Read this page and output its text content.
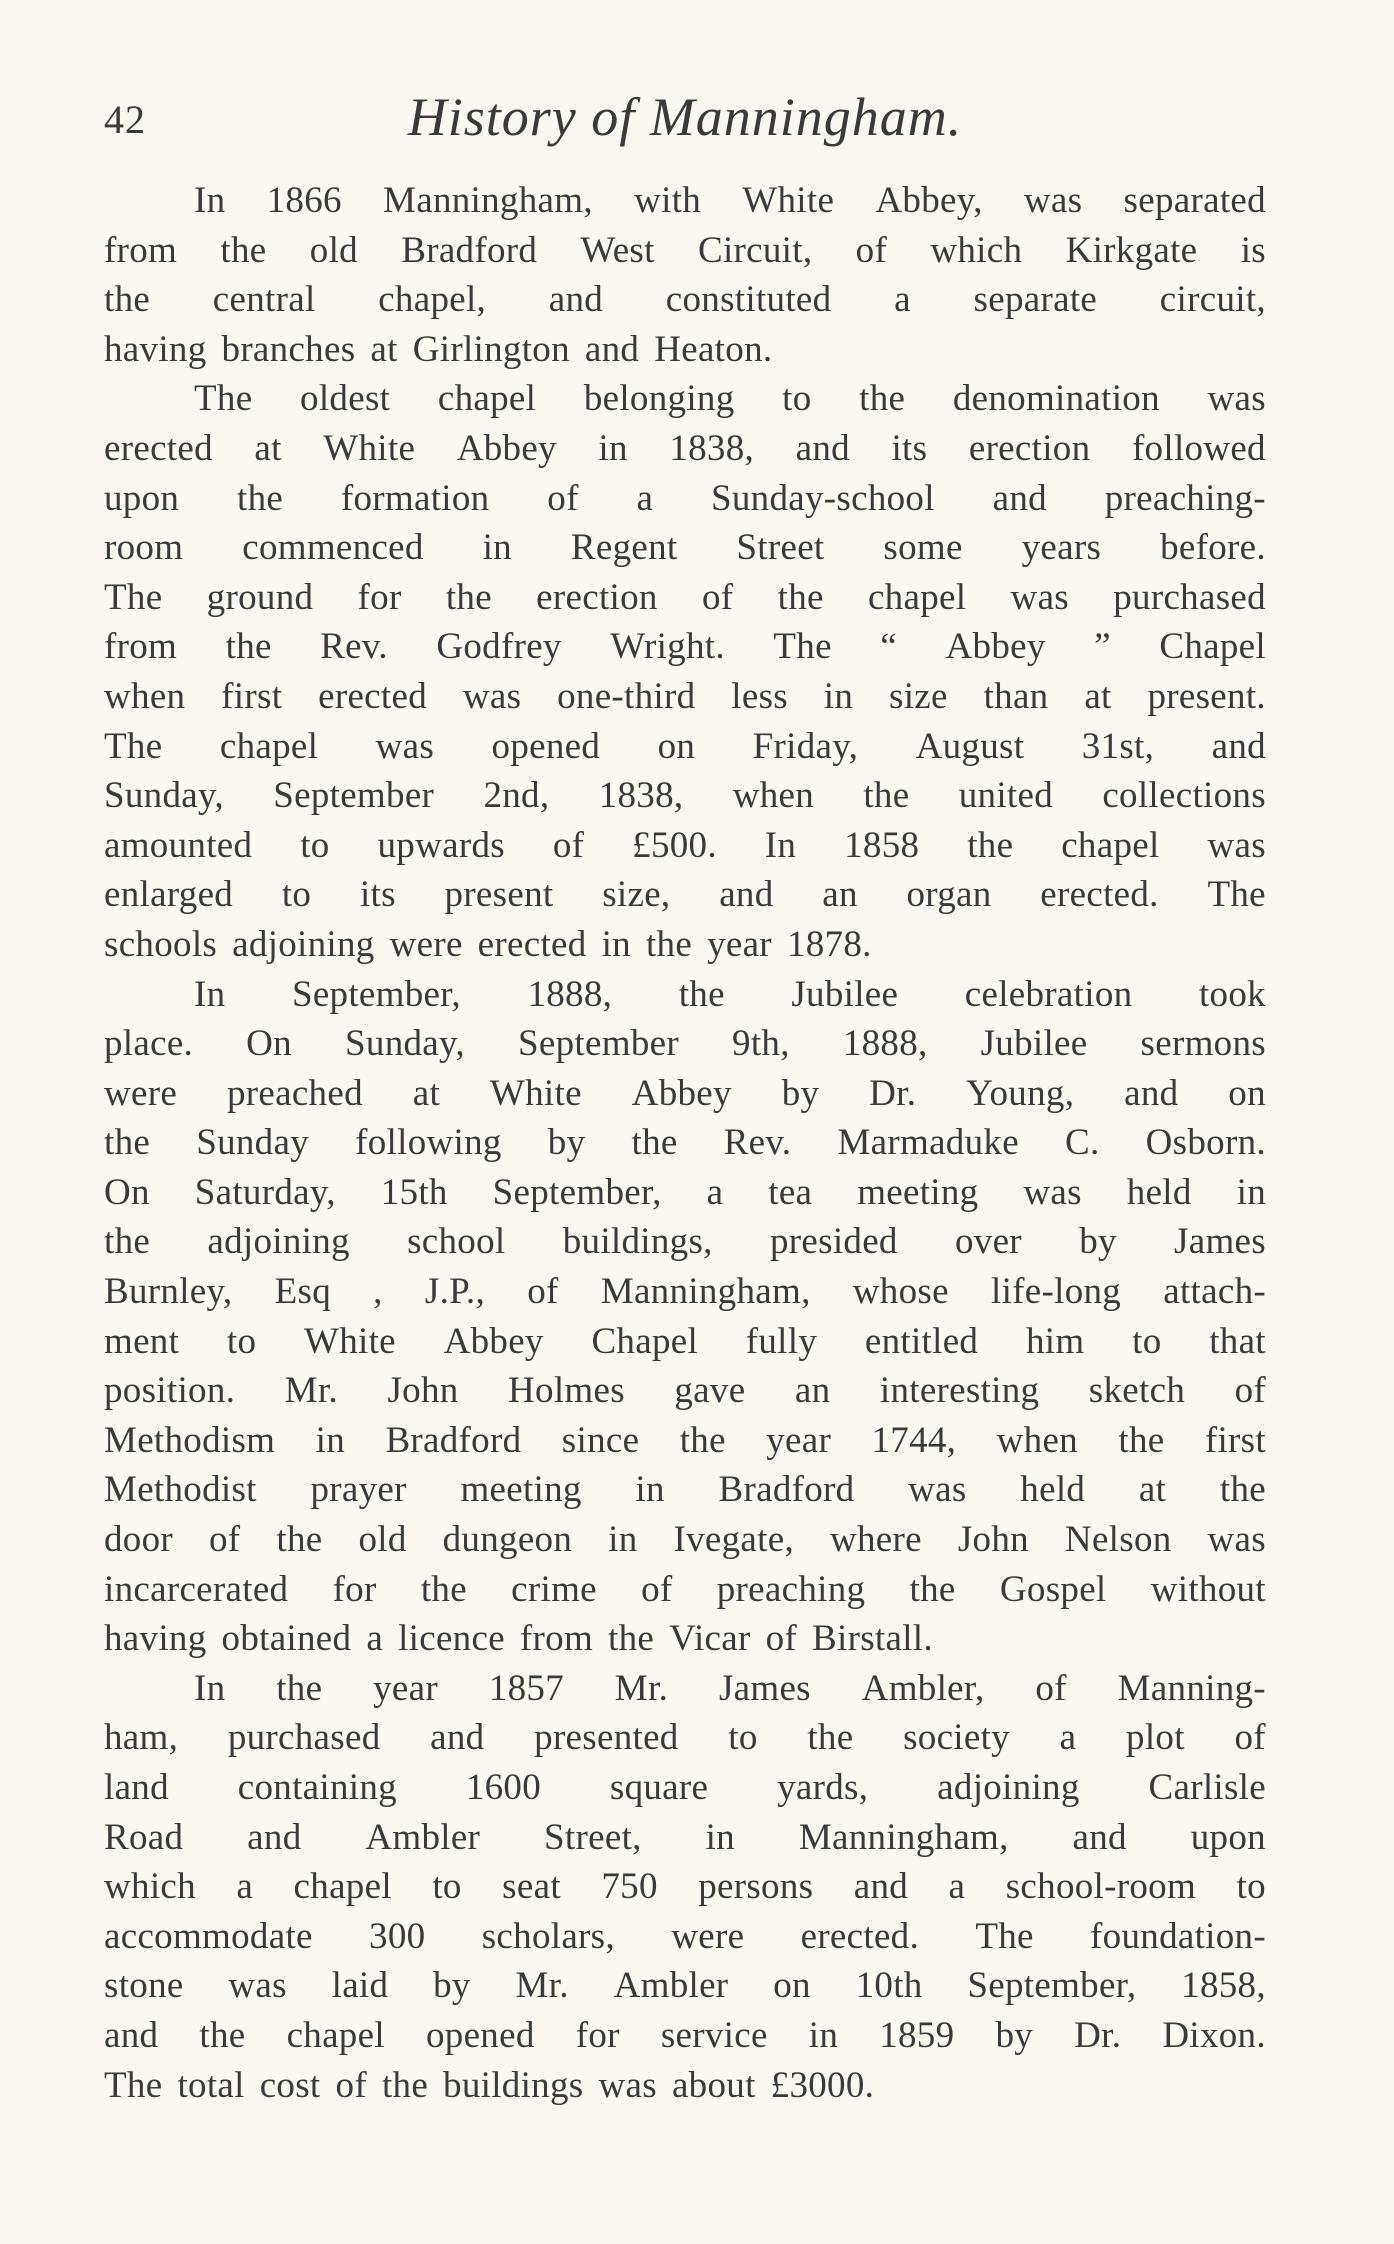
42	History of Manningham.
In 1866 Manningham, with White Abbey, was separated
from the old Bradford West Circuit, of which Kirkgate is
the central chapel, and constituted a separate circuit,
having branches at Girlington and Heaton.
The oldest chapel belonging to the denomination was
erected at White Abbey in 1838, and its erection followed
upon the formation of a Sunday-school and preaching-
room commenced in Regent Street some years before.
The ground for the erection of the chapel was purchased
from the Rev. Godfrey Wright. The “ Abbey ” Chapel
when first erected was one-third less in size than at present.
The chapel was opened on Friday, August 31st, and
Sunday, September 2nd, 1838, when the united collections
amounted to upwards of £500. In 1858 the chapel was
enlarged to its present size, and an organ erected. The
schools adjoining were erected in the year 1878.
In September, 1888, the Jubilee celebration took
place. On Sunday, September 9th, 1888, Jubilee sermons
were preached at White Abbey by Dr. Young, and on
the Sunday following by the Rev. Marmaduke C. Osborn.
On Saturday, 15th September, a tea meeting was held in
the adjoining school buildings, presided over by James
Burnley, Esq , J.P., of Manningham, whose life-long attach-
ment to White Abbey Chapel fully entitled him to that
position. Mr. John Holmes gave an interesting sketch of
Methodism in Bradford since the year 1744, when the first
Methodist prayer meeting in Bradford was held at the
door of the old dungeon in Ivegate, where John Nelson was
incarcerated for the crime of preaching the Gospel without
having obtained a licence from the Vicar of Birstall.
In the year 1857 Mr. James Ambler, of Manning-
ham, purchased and presented to the society a plot of
land containing 1600 square yards, adjoining Carlisle
Road and Ambler Street, in Manningham, and upon
which a chapel to seat 750 persons and a school-room to
accommodate 300 scholars, were erected. The foundation-
stone was laid by Mr. Ambler on 10th September, 1858,
and the chapel opened for service in 1859 by Dr. Dixon.
The total cost of the buildings was about £3000.
